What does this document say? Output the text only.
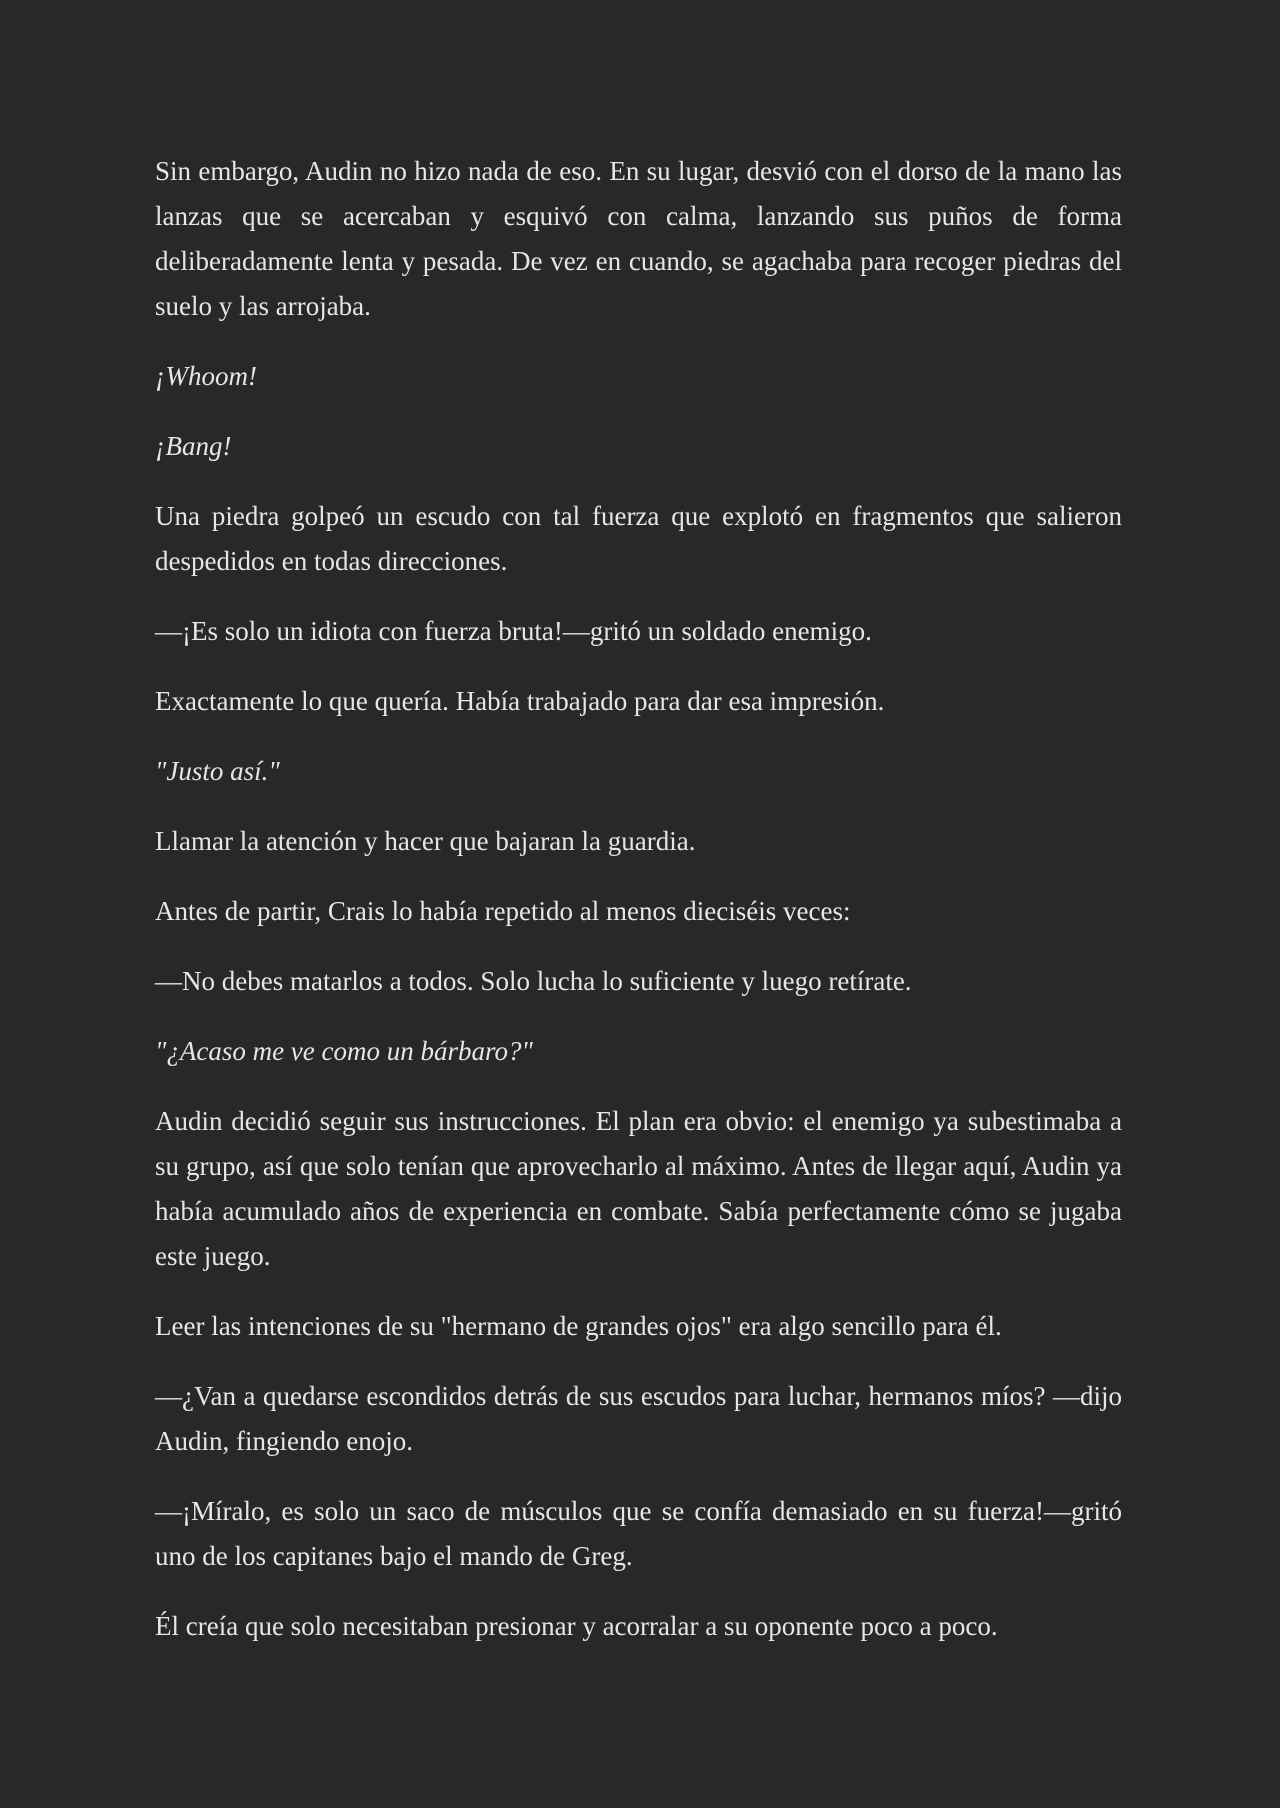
Sin embargo, Audin no hizo nada de eso. En su lugar, desvió con el dorso de la mano las lanzas que se acercaban y esquivó con calma, lanzando sus puños de forma deliberadamente lenta y pesada. De vez en cuando, se agachaba para recoger piedras del suelo y las arrojaba.

¡Whoom!

¡Bang!

Una piedra golpeó un escudo con tal fuerza que explotó en fragmentos que salieron despedidos en todas direcciones.

—¡Es solo un idiota con fuerza bruta!—gritó un soldado enemigo.

Exactamente lo que quería. Había trabajado para dar esa impresión.

"Justo así."

Llamar la atención y hacer que bajaran la guardia.

Antes de partir, Crais lo había repetido al menos dieciséis veces:

—No debes matarlos a todos. Solo lucha lo suficiente y luego retírate.

"¿Acaso me ve como un bárbaro?"

Audin decidió seguir sus instrucciones. El plan era obvio: el enemigo ya subestimaba a su grupo, así que solo tenían que aprovecharlo al máximo. Antes de llegar aquí, Audin ya había acumulado años de experiencia en combate. Sabía perfectamente cómo se jugaba este juego.

Leer las intenciones de su "hermano de grandes ojos" era algo sencillo para él.

—¿Van a quedarse escondidos detrás de sus escudos para luchar, hermanos míos? —dijo Audin, fingiendo enojo.

—¡Míralo, es solo un saco de músculos que se confía demasiado en su fuerza!—gritó uno de los capitanes bajo el mando de Greg.

Él creía que solo necesitaban presionar y acorralar a su oponente poco a poco.
